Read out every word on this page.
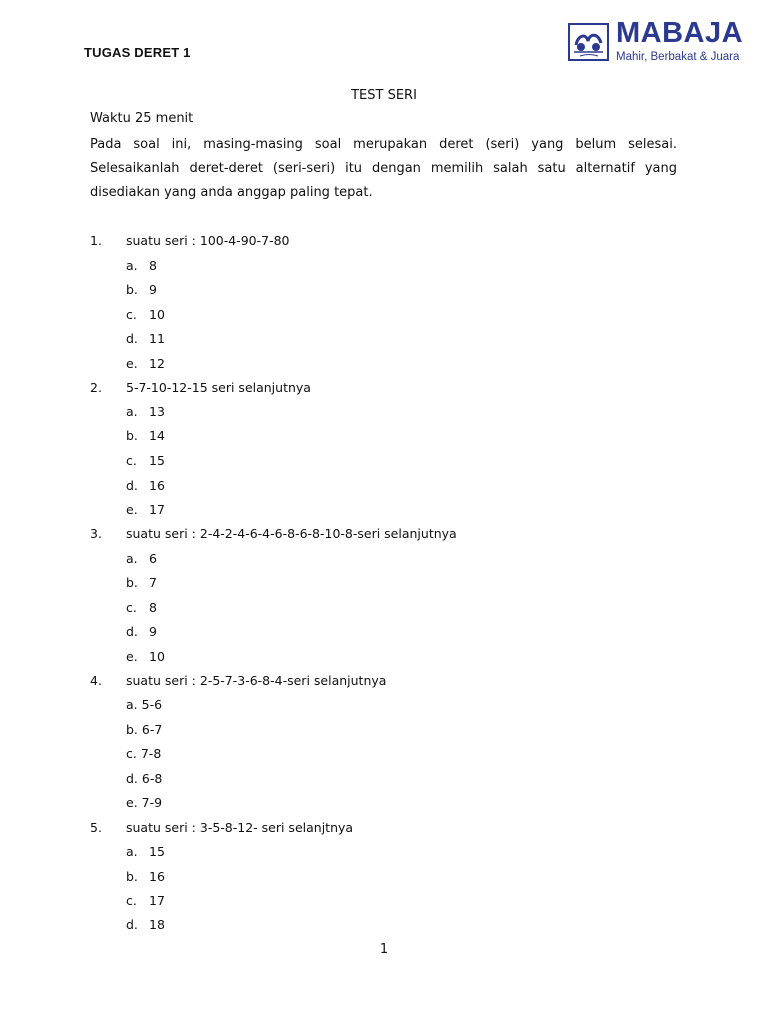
TUGAS DERET 1
MABAJA
Mahir, Berbakat & Juara
TEST SERI
Waktu 25 menit
Pada soal ini, masing-masing soal merupakan deret (seri) yang belum selesai. Selesaikanlah deret-deret (seri-seri) itu dengan memilih salah satu alternatif yang disediakan yang anda anggap paling tepat.
1. suatu seri : 100-4-90-7-80
a. 8
b. 9
c. 10
d. 11
e. 12
2. 5-7-10-12-15 seri selanjutnya
a. 13
b. 14
c. 15
d. 16
e. 17
3. suatu seri : 2-4-2-4-6-4-6-8-6-8-10-8-seri selanjutnya
a. 6
b. 7
c. 8
d. 9
e. 10
4. suatu seri : 2-5-7-3-6-8-4-seri selanjutnya
a. 5-6
b. 6-7
c. 7-8
d. 6-8
e. 7-9
5. suatu seri : 3-5-8-12- seri selanjtnya
a. 15
b. 16
c. 17
d. 18
1
